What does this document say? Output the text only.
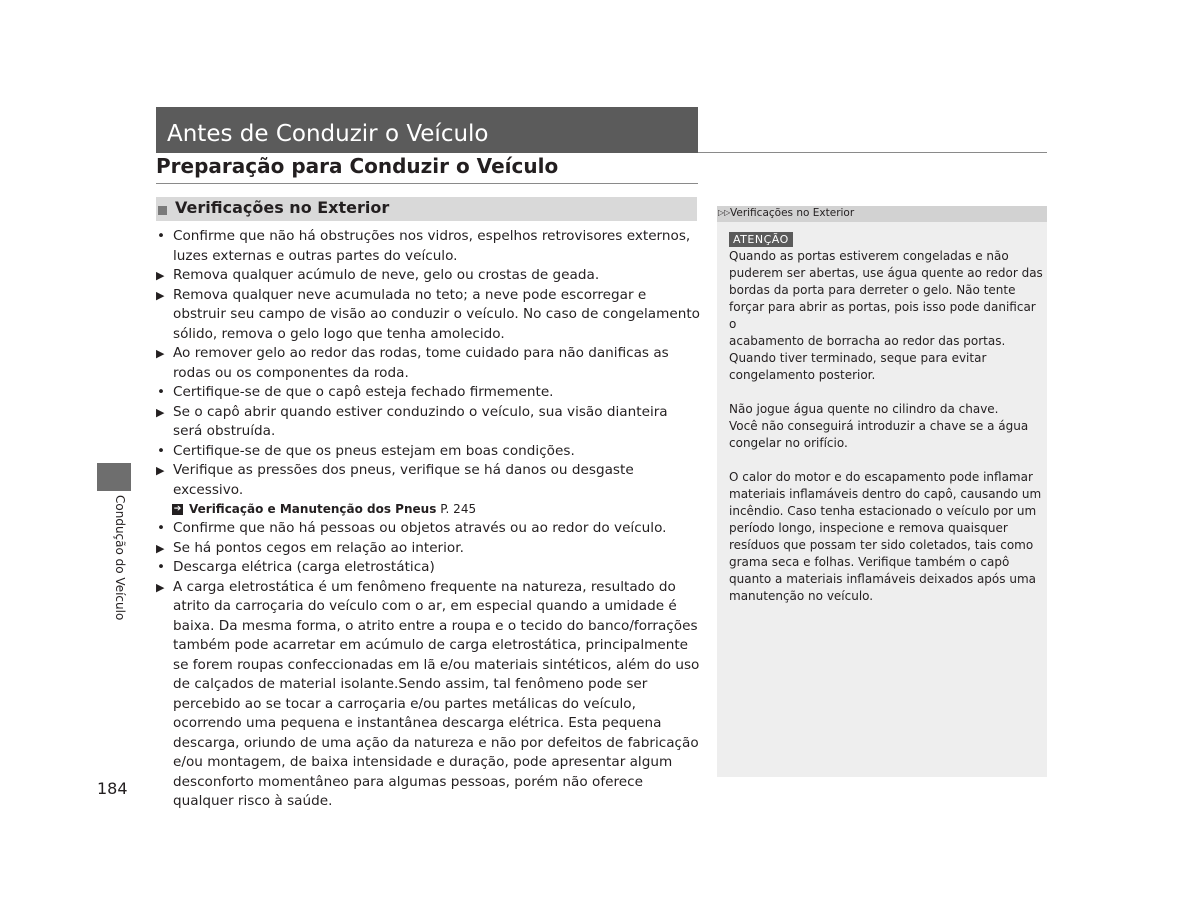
Antes de Conduzir o Veículo
Preparação para Conduzir o Veículo
Verificações no Exterior
• Confirme que não há obstruções nos vidros, espelhos retrovisores externos, luzes externas e outras partes do veículo.
▶ Remova qualquer acúmulo de neve, gelo ou crostas de geada.
▶ Remova qualquer neve acumulada no teto; a neve pode escorregar e obstruir seu campo de visão ao conduzir o veículo. No caso de congelamento sólido, remova o gelo logo que tenha amolecido.
▶ Ao remover gelo ao redor das rodas, tome cuidado para não danificas as rodas ou os componentes da roda.
• Certifique-se de que o capô esteja fechado firmemente.
▶ Se o capô abrir quando estiver conduzindo o veículo, sua visão dianteira será obstruída.
• Certifique-se de que os pneus estejam em boas condições.
▶ Verifique as pressões dos pneus, verifique se há danos ou desgaste excessivo.
➔ Verificação e Manutenção dos Pneus P. 245
• Confirme que não há pessoas ou objetos através ou ao redor do veículo.
▶ Se há pontos cegos em relação ao interior.
• Descarga elétrica (carga eletrostática)
▶ A carga eletrostática é um fenômeno frequente na natureza, resultado do atrito da carroçaria do veículo com o ar, em especial quando a umidade é baixa. Da mesma forma, o atrito entre a roupa e o tecido do banco/forrações também pode acarretar em acúmulo de carga eletrostática, principalmente se forem roupas confeccionadas em lã e/ou materiais sintéticos, além do uso de calçados de material isolante.Sendo assim, tal fenômeno pode ser percebido ao se tocar a carroçaria e/ou partes metálicas do veículo, ocorrendo uma pequena e instantânea descarga elétrica. Esta pequena descarga, oriundo de uma ação da natureza e não por defeitos de fabricação e/ou montagem, de baixa intensidade e duração, pode apresentar algum desconforto momentâneo para algumas pessoas, porém não oferece qualquer risco à saúde.
Condução do Veículo
184
▷▷ Verificações no Exterior
ATENÇÃO

Quando as portas estiverem congeladas e não
puderem ser abertas, use água quente ao redor das
bordas da porta para derreter o gelo. Não tente
forçar para abrir as portas, pois isso pode danificar o
acabamento de borracha ao redor das portas.
Quando tiver terminado, seque para evitar
congelamento posterior.

Não jogue água quente no cilindro da chave.
Você não conseguirá introduzir a chave se a água
congelar no orifício.

O calor do motor e do escapamento pode inflamar
materiais inflamáveis dentro do capô, causando um
incêndio. Caso tenha estacionado o veículo por um
período longo, inspecione e remova quaisquer
resíduos que possam ter sido coletados, tais como
grama seca e folhas. Verifique também o capô
quanto a materiais inflamáveis deixados após uma
manutenção no veículo.
